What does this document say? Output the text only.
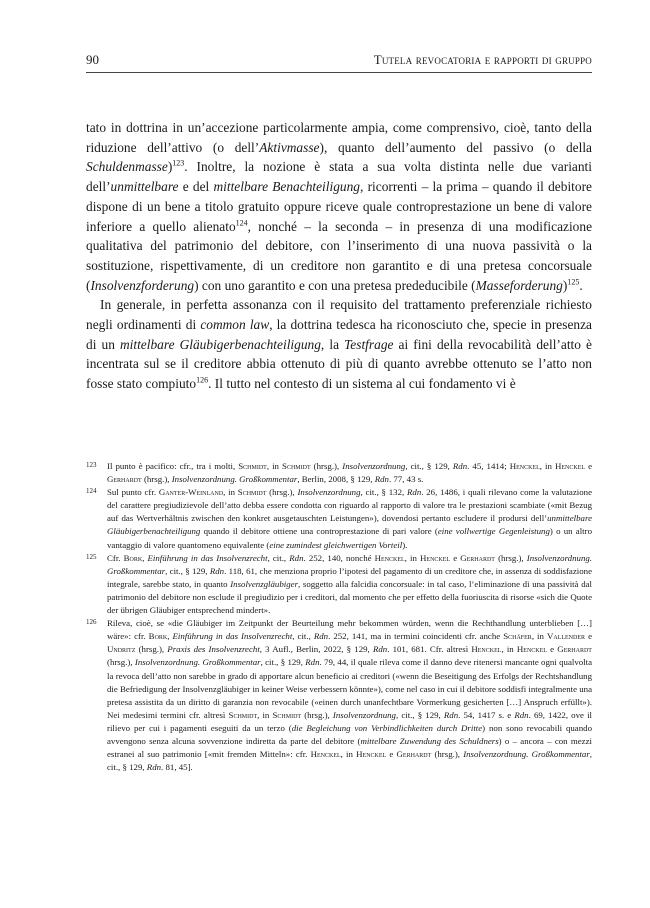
90	Tutela revocatoria e rapporti di gruppo

tato in dottrina in un’accezione particolarmente ampia, come comprensivo, cioè, tanto della riduzione dell’attivo (o dell’Aktivmasse), quanto dell’aumento del passivo (o della Schuldenmasse)$^{123}$. Inoltre, la nozione è stata a sua volta distinta nelle due varianti dell’unmittelbare e del mittelbare Benachteiligung, ricorrenti – la prima – quando il debitore dispone di un bene a titolo gratuito oppure riceve quale controprestazione un bene di valore inferiore a quello alienato$^{124}$, nonché – la seconda – in presenza di una modificazione qualitativa del patrimonio del debitore, con l’inserimento di una nuova passività o la sostituzione, rispettivamente, di un creditore non garantito e di una pretesa concorsuale (Insolvenzforderung) con uno garantito e con una pretesa prededucibile (Masseforderung)$^{125}$.

In generale, in perfetta assonanza con il requisito del trattamento preferenziale richiesto negli ordinamenti di common law, la dottrina tedesca ha riconosciuto che, specie in presenza di un mittelbare Gläubigerbenachteiligung, la Testfrage ai fini della revocabilità dell’atto è incentrata sul se il creditore abbia ottenuto di più di quanto avrebbe ottenuto se l’atto non fosse stato compiuto$^{126}$. Il tutto nel contesto di un sistema al cui fondamento vi è

123 Il punto è pacifico: cfr., tra i molti, Schmidt, in Schmidt (hrsg.), Insolvenzordnung, cit., § 129, Rdn. 45, 1414; Henckel, in Henckel e Gerhardt (hrsg.), Insolvenzordnung. Großkommentar, Berlin, 2008, § 129, Rdn. 77, 43 s.
124 Sul punto cfr. Ganter-Weinland, in Schmidt (hrsg.), Insolvenzordnung, cit., § 132, Rdn. 26, 1486, i quali rilevano come la valutazione del carattere pregiudizievole dell’atto debba essere condotta con riguardo al rapporto di valore tra le prestazioni scambiate («mit Bezug auf das Wertverhältnis zwischen den konkret ausgetauschten Leistungen»), dovendosi pertanto escludere il prodursi dell’unmittelbare Gläubigerbenachteiligung quando il debitore ottiene una controprestazione di pari valore (eine vollwertige Gegenleistung) o un altro vantaggio di valore quantomeno equivalente (eine zumindest gleichwertigen Vorteil).
125 Cfr. Bork, Einführung in das Insolvenzrecht, cit., Rdn. 252, 140, nonché Henckel, in Henckel e Gerhardt (hrsg.), Insolvenzordnung. Großkommentar, cit., § 129, Rdn. 118, 61, che menziona proprio l’ipotesi del pagamento di un creditore che, in assenza di soddisfazione integrale, sarebbe stato, in quanto Insolvenzgläubiger, soggetto alla falcidia concorsuale: in tal caso, l’eliminazione di una passività dal patrimonio del debitore non esclude il pregiudizio per i creditori, dal momento che per effetto della fuoriuscita di risorse «sich die Quote der übrigen Gläubiger entsprechend mindert».
126 Rileva, cioè, se «die Gläubiger im Zeitpunkt der Beurteilung mehr bekommen würden, wenn die Rechthandlung unterblieben […] wäre»: cfr. Bork, Einführung in das Insolvenzrecht, cit., Rdn. 252, 141, ma in termini coincidenti cfr. anche Schäfer, in Vallender e Undritz (hrsg.), Praxis des Insolvenzrecht, 3 Aufl., Berlin, 2022, § 129, Rdn. 101, 681. Cfr. altresì Henckel, in Henckel e Gerhardt (hrsg.), Insolvenzordnung. Großkommentar, cit., § 129, Rdn. 79, 44, il quale rileva come il danno deve ritenersi mancante ogni qualvolta la revoca dell’atto non sarebbe in grado di apportare alcun beneficio ai creditori («wenn die Beseitigung des Erfolgs der Rechtshandlung die Befriedigung der Insolvenzgläubiger in keiner Weise verbessern könnte»), come nel caso in cui il debitore soddisfi integralmente una pretesa assistita da un diritto di garanzia non revocabile («einen durch unanfechtbare Vormerkung gesicherten […] Anspruch erfüllt»). Nei medesimi termini cfr. altresì Schmidt, in Schmidt (hrsg.), Insolvenzordnung, cit., § 129, Rdn. 54, 1417 s. e Rdn. 69, 1422, ove il rilievo per cui i pagamenti eseguiti da un terzo (die Begleichung von Verbindlichkeiten durch Dritte) non sono revocabili quando avvengono senza alcuna sovvenzione indiretta da parte del debitore (mittelbare Zuwendung des Schuldners) o – ancora – con mezzi estranei al suo patrimonio [«mit fremden Mitteln»: cfr. Henckel, in Henckel e Gerhardt (hrsg.), Insolvenzordnung. Großkommentar, cit., § 129, Rdn. 81, 45].
